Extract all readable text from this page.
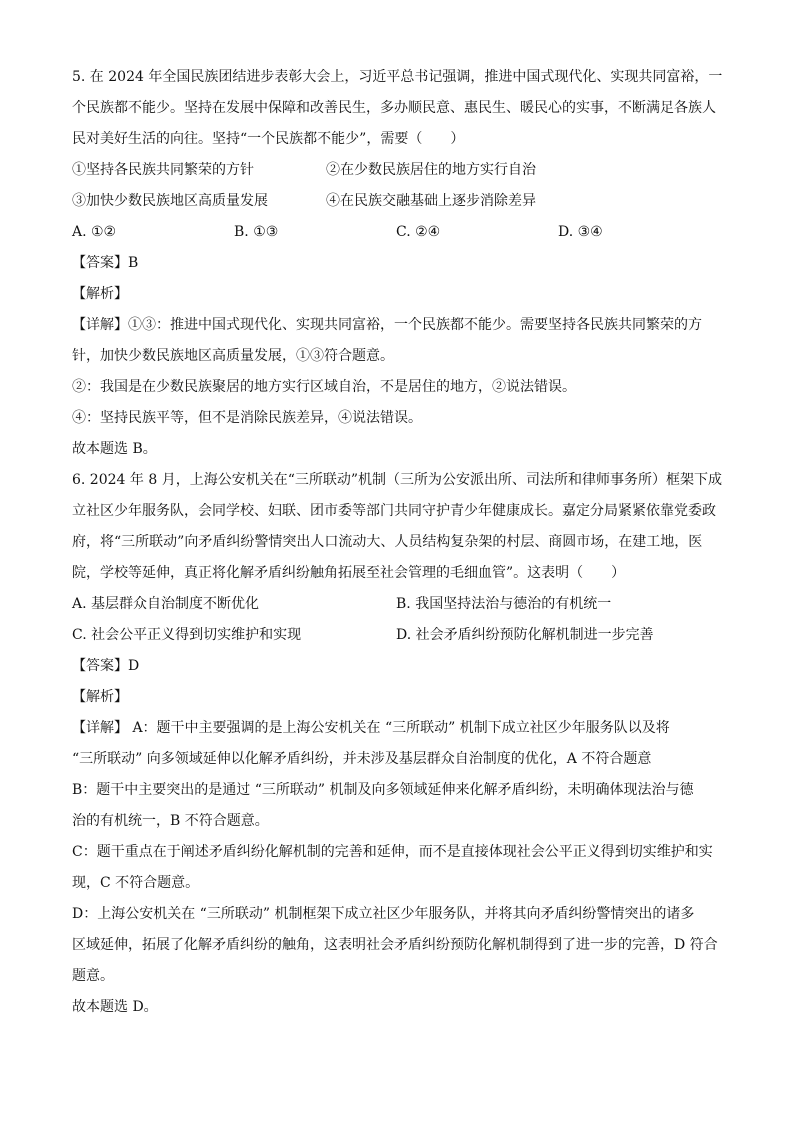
5. 在 2024 年全国民族团结进步表彰大会上，习近平总书记强调，推进中国式现代化、实现共同富裕，一
个民族都不能少。坚持在发展中保障和改善民生，多办顺民意、惠民生、暖民心的实事，不断满足各族人
民对美好生活的向往。坚持“一个民族都不能少”，需要（　　）
①坚持各民族共同繁荣的方针	②在少数民族居住的地方实行自治
③加快少数民族地区高质量发展	④在民族交融基础上逐步消除差异
A. ①②	B. ①③	C. ②④	D. ③④
【答案】B
【解析】
【详解】①③：推进中国式现代化、实现共同富裕，一个民族都不能少。需要坚持各民族共同繁荣的方
针，加快少数民族地区高质量发展，①③符合题意。
②：我国是在少数民族聚居的地方实行区域自治，不是居住的地方，②说法错误。
④：坚持民族平等，但不是消除民族差异，④说法错误。
故本题选 B。
6. 2024 年 8 月，上海公安机关在“三所联动”机制（三所为公安派出所、司法所和律师事务所）框架下成
立社区少年服务队，会同学校、妇联、团市委等部门共同守护青少年健康成长。嘉定分局紧紧依靠党委政
府，将“三所联动”向矛盾纠纷警情突出人口流动大、人员结构复杂架的村层、商圆市场，在建工地，医
院，学校等延伸，真正将化解矛盾纠纷触角拓展至社会管理的毛细血管”。这表明（　　）
A. 基层群众自治制度不断优化	B. 我国坚持法治与德治的有机统一
C. 社会公平正义得到切实维护和实现	D. 社会矛盾纠纷预防化解机制进一步完善
【答案】D
【解析】
【详解】 A：题干中主要强调的是上海公安机关在 “三所联动” 机制下成立社区少年服务队以及将
“三所联动” 向多领域延伸以化解矛盾纠纷，并未涉及基层群众自治制度的优化，A 不符合题意
B：题干中主要突出的是通过 “三所联动” 机制及向多领域延伸来化解矛盾纠纷，未明确体现法治与德
治的有机统一，B 不符合题意。
C：题干重点在于阐述矛盾纠纷化解机制的完善和延伸，而不是直接体现社会公平正义得到切实维护和实
现，C 不符合题意。
D：上海公安机关在 “三所联动” 机制框架下成立社区少年服务队，并将其向矛盾纠纷警情突出的诸多
区域延伸，拓展了化解矛盾纠纷的触角，这表明社会矛盾纠纷预防化解机制得到了进一步的完善，D 符合
题意。
故本题选 D。
